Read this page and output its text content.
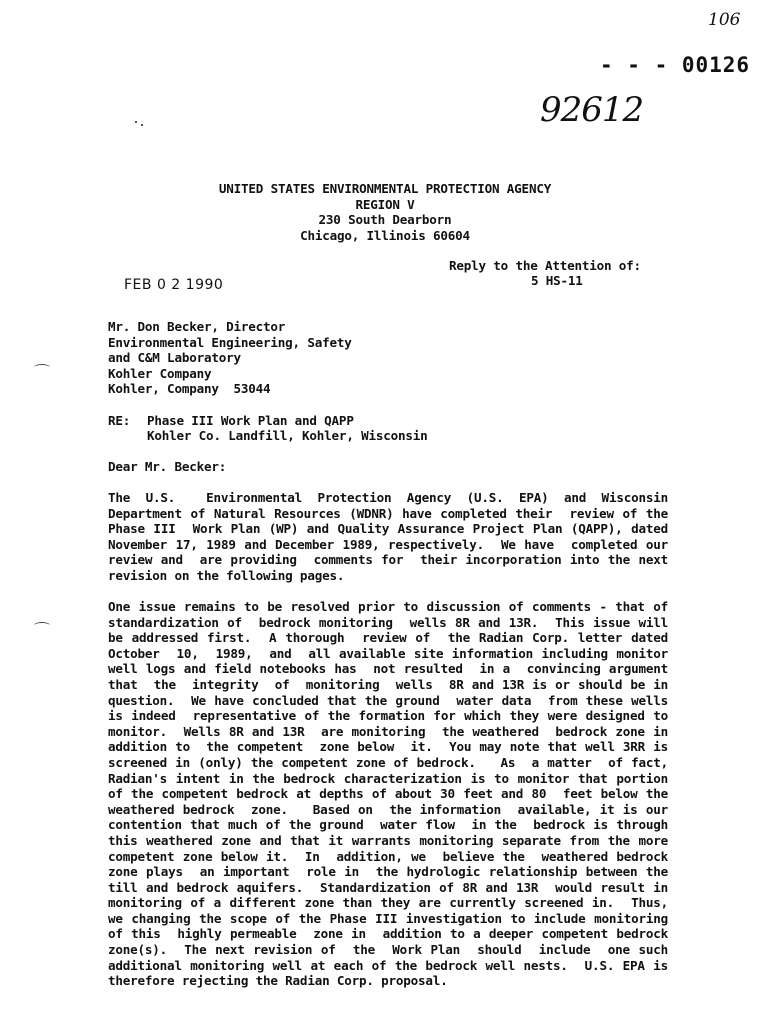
106
- - - 00126
92612
UNITED STATES ENVIRONMENTAL PROTECTION AGENCY
REGION V
230 South Dearborn
Chicago, Illinois 60604
Reply to the Attention of:
5 HS-11
FEB 0 2 1990
Mr. Don Becker, Director
Environmental Engineering, Safety
and C&M Laboratory
Kohler Company
Kohler, Company  53044
RE: Phase III Work Plan and QAPP
Kohler Co. Landfill, Kohler, Wisconsin
Dear Mr. Becker:
The U.S.  Environmental Protection Agency (U.S. EPA) and Wisconsin
Department of Natural Resources (WDNR) have completed their  review of the
Phase III  Work Plan (WP) and Quality Assurance Project Plan (QAPP), dated
November 17, 1989 and December 1989, respectively.  We have  completed our
review and  are providing  comments for  their incorporation into the next
revision on the following pages.
One issue remains to be resolved prior to discussion of comments - that of
standardization of  bedrock monitoring  wells 8R and 13R.  This issue will
be addressed first.  A thorough  review of  the Radian Corp. letter dated
October  10,  1989,  and  all available site information including monitor
well logs and field notebooks has  not resulted  in a  convincing argument
that  the  integrity  of  monitoring  wells  8R and 13R is or should be in
question.  We have concluded that the ground  water data  from these wells
is indeed  representative of the formation for which they were designed to
monitor.  Wells 8R and 13R  are monitoring  the weathered  bedrock zone in
addition to  the competent  zone below  it.  You may note that well 3RR is
screened in (only) the competent zone of bedrock.   As  a matter  of fact,
Radian's intent in the bedrock characterization is to monitor that portion
of the competent bedrock at depths of about 30 feet and 80  feet below the
weathered bedrock  zone.   Based on  the information  available, it is our
contention that much of the ground  water flow  in the  bedrock is through
this weathered zone and that it warrants monitoring separate from the more
competent zone below it.  In  addition, we  believe the  weathered bedrock
zone plays  an important  role in  the hydrologic relationship between the
till and bedrock aquifers.  Standardization of 8R and 13R  would result in
monitoring of a different zone than they are currently screened in.  Thus,
we changing the scope of the Phase III investigation to include monitoring
of this  highly permeable  zone in  addition to a deeper competent bedrock
zone(s).  The next revision of  the  Work Plan  should  include  one such
additional monitoring well at each of the bedrock well nests.  U.S. EPA is
therefore rejecting the Radian Corp. proposal.
